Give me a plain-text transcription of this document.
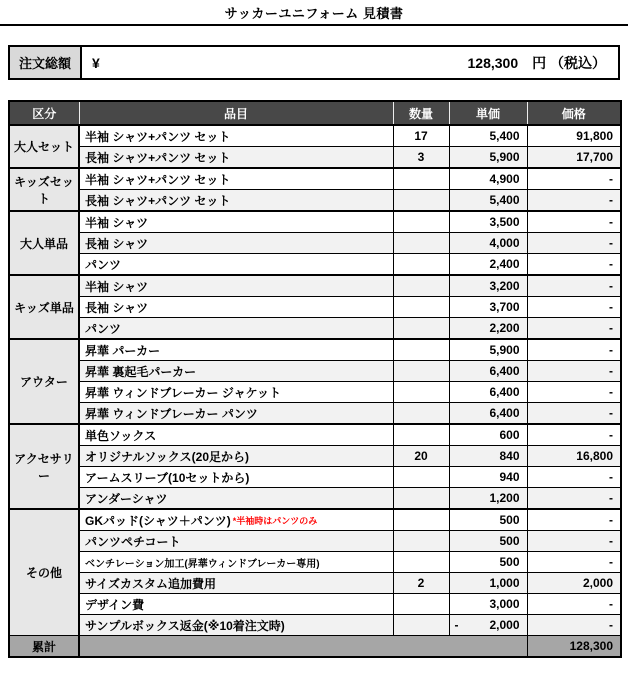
サッカーユニフォーム 見積書
注文総額	¥	128,300 円 （税込）
区分	品目	数量	単価	価格
大人セット	半袖 シャツ+パンツ セット	17	5,400	91,800
	長袖 シャツ+パンツ セット	3	5,900	17,700
キッズセット	半袖 シャツ+パンツ セット		4,900	-
	長袖 シャツ+パンツ セット		5,400	-
大人単品	半袖 シャツ		3,500	-
	長袖 シャツ		4,000	-
	パンツ		2,400	-
キッズ単品	半袖 シャツ		3,200	-
	長袖 シャツ		3,700	-
	パンツ		2,200	-
アウター	昇華 パーカー		5,900	-
	昇華 裏起毛パーカー		6,400	-
	昇華 ウィンドブレーカー ジャケット		6,400	-
	昇華 ウィンドブレーカー パンツ		6,400	-
アクセサリー	単色ソックス		600	-
	オリジナルソックス(20足から)	20	840	16,800
	アームスリーブ(10セットから)		940	-
	アンダーシャツ		1,200	-
その他	GKパッド(シャツ＋パンツ) *半袖時はパンツのみ		500	-
	パンツペチコート		500	-
	ベンチレーション加工(昇華ウィンドブレーカー専用)		500	-
	サイズカスタム追加費用	2	1,000	2,000
	デザイン費		3,000	-
	サンプルボックス返金(※10着注文時)		- 2,000	-
累計				128,300
